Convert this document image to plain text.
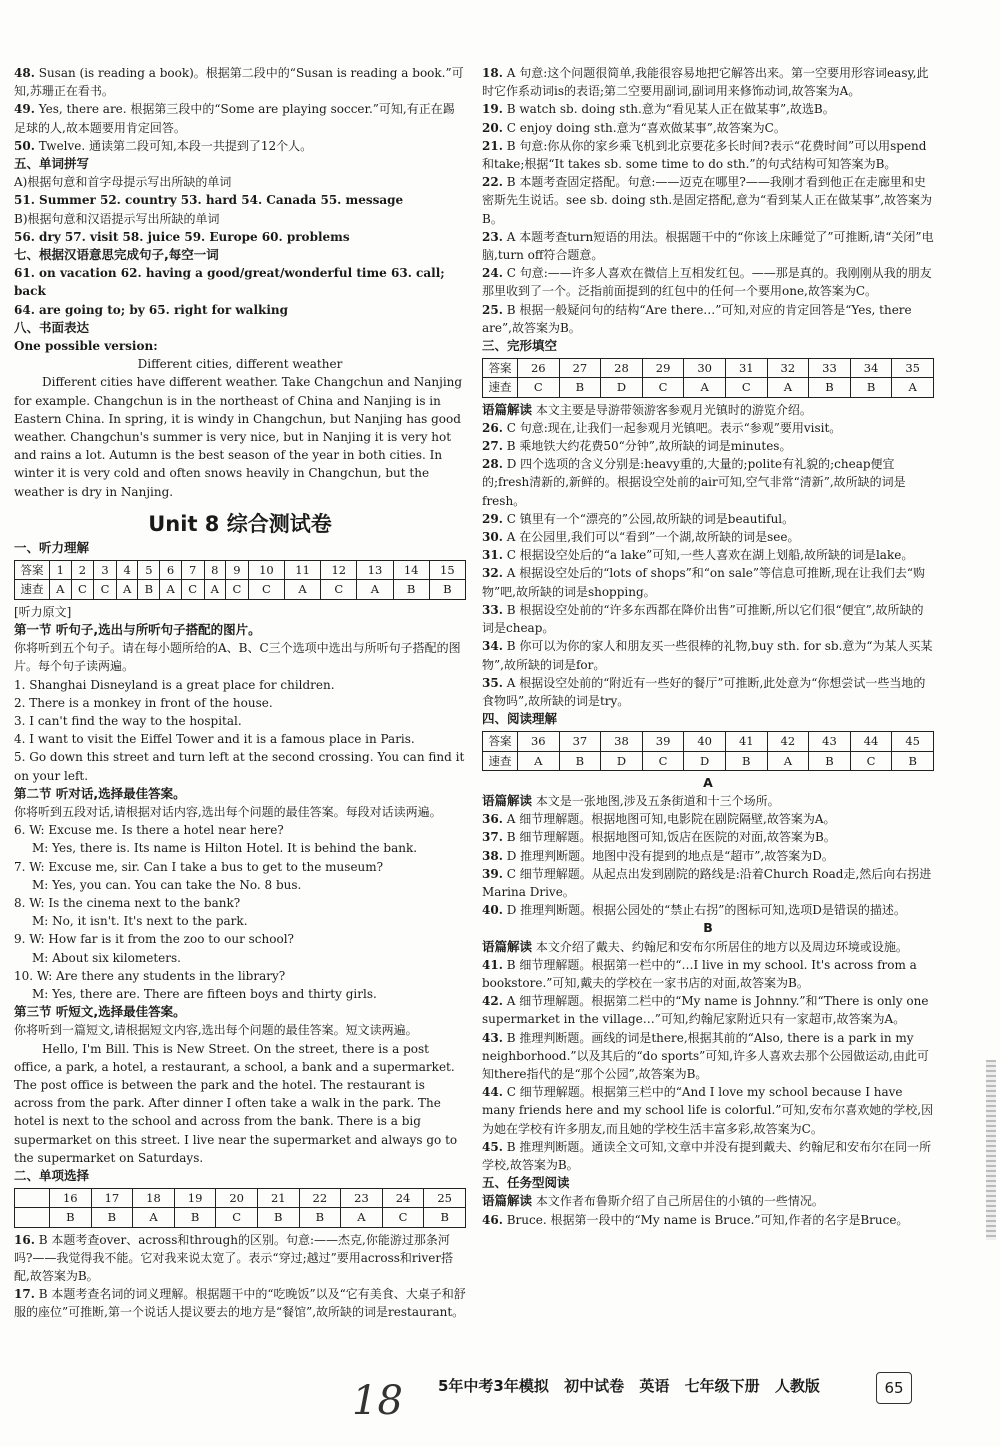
48. Susan (is reading a book)。根据第二段中的“Susan is reading a book.”可知,苏珊正在看书。

49. Yes, there are. 根据第三段中的“Some are playing soccer.”可知,有正在踢足球的人,故本题要用肯定回答。

50. Twelve. 通读第二段可知,本段一共提到了12个人。

五、单词拼写

A)根据句意和首字母提示写出所缺的单词

51. Summer 52. country 53. hard 54. Canada 55. message

B)根据句意和汉语提示写出所缺的单词

56. dry 57. visit 58. juice 59. Europe 60. problems

七、根据汉语意思完成句子,每空一词

61. on vacation 62. having a good/great/wonderful time 63. call; back

64. are going to; by 65. right for walking

八、书面表达

One possible version:

Different cities, different weather

Different cities have different weather. Take Changchun and Nanjing for example. Changchun is in the northeast of China and Nanjing is in Eastern China. In spring, it is windy in Changchun, but Nanjing has good weather. Changchun's summer is very nice, but in Nanjing it is very hot and rains a lot. Autumn is the best season of the year in both cities. In winter it is very cold and often snows heavily in Changchun, but the weather is dry in Nanjing.

Unit 8 综合测试卷

一、听力理解

答案	1	2	3	4	5	6	7	8	9	10	11	12	13	14	15
速查	A	C	C	A	B	A	C	A	C	C	A	C	A	B	B

[听力原文]

第一节 听句子,选出与所听句子搭配的图片。

你将听到五个句子。请在每小题所给的A、B、C三个选项中选出与所听句子搭配的图片。每个句子读两遍。

1. Shanghai Disneyland is a great place for children.

2. There is a monkey in front of the house.

3. I can't find the way to the hospital.

4. I want to visit the Eiffel Tower and it is a famous place in Paris.

5. Go down this street and turn left at the second crossing. You can find it on your left.

第二节 听对话,选择最佳答案。

你将听到五段对话,请根据对话内容,选出每个问题的最佳答案。每段对话读两遍。

6. W: Excuse me. Is there a hotel near here?

M: Yes, there is. Its name is Hilton Hotel. It is behind the bank.

7. W: Excuse me, sir. Can I take a bus to get to the museum?

M: Yes, you can. You can take the No. 8 bus.

8. W: Is the cinema next to the bank?

M: No, it isn't. It's next to the park.

9. W: How far is it from the zoo to our school?

M: About six kilometers.

10. W: Are there any students in the library?

M: Yes, there are. There are fifteen boys and thirty girls.

第三节 听短文,选择最佳答案。

你将听到一篇短文,请根据短文内容,选出每个问题的最佳答案。短文读两遍。

Hello, I'm Bill. This is New Street. On the street, there is a post office, a park, a hotel, a restaurant, a school, a bank and a supermarket. The post office is between the park and the hotel. The restaurant is across from the park. After dinner I often take a walk in the park. The hotel is next to the school and across from the bank. There is a big supermarket on this street. I live near the supermarket and always go to the supermarket on Saturdays.

二、单项选择

	16	17	18	19	20	21	22	23	24	25
	B	B	A	B	C	B	B	A	C	B

16. B 本题考查over、across和through的区别。句意:——杰克,你能游过那条河吗?——我觉得我不能。它对我来说太宽了。表示“穿过;越过”要用across和river搭配,故答案为B。

17. B 本题考查名词的词义理解。根据题干中的“吃晚饭”以及“它有美食、大桌子和舒服的座位”可推断,第一个说话人提议要去的地方是“餐馆”,故所缺的词是restaurant。

18. A 句意:这个问题很简单,我能很容易地把它解答出来。第一空要用形容词easy,此时它作系动词is的表语;第二空要用副词,副词用来修饰动词,故答案为A。

19. B watch sb. doing sth.意为“看见某人正在做某事”,故选B。

20. C enjoy doing sth.意为“喜欢做某事”,故答案为C。

21. B 句意:你从你的家乡乘飞机到北京要花多长时间?表示“花费时间”可以用spend和take;根据“It takes sb. some time to do sth.”的句式结构可知答案为B。

22. B 本题考查固定搭配。句意:——迈克在哪里?——我刚才看到他正在走廊里和史密斯先生说话。see sb. doing sth.是固定搭配,意为“看到某人正在做某事”,故答案为B。

23. A 本题考查turn短语的用法。根据题干中的“你该上床睡觉了”可推断,请“关闭”电脑,turn off符合题意。

24. C 句意:——许多人喜欢在微信上互相发红包。——那是真的。我刚刚从我的朋友那里收到了一个。泛指前面提到的红包中的任何一个要用one,故答案为C。

25. B 根据一般疑问句的结构“Are there…”可知,对应的肯定回答是“Yes, there are”,故答案为B。

三、完形填空

答案	26	27	28	29	30	31	32	33	34	35
速查	C	B	D	C	A	C	A	B	B	A

语篇解读 本文主要是导游带领游客参观月光镇时的游览介绍。

26. C 句意:现在,让我们一起参观月光镇吧。表示“参观”要用visit。

27. B 乘地铁大约花费50“分钟”,故所缺的词是minutes。

28. D 四个选项的含义分别是:heavy重的,大量的;polite有礼貌的;cheap便宜的;fresh清新的,新鲜的。根据设空处前的air可知,空气非常“清新”,故所缺的词是fresh。

29. C 镇里有一个“漂亮的”公园,故所缺的词是beautiful。

30. A 在公园里,我们可以“看到”一个湖,故所缺的词是see。

31. C 根据设空处后的“a lake”可知,一些人喜欢在湖上划船,故所缺的词是lake。

32. A 根据设空处后的“lots of shops”和“on sale”等信息可推断,现在让我们去“购物”吧,故所缺的词是shopping。

33. B 根据设空处前的“许多东西都在降价出售”可推断,所以它们很“便宜”,故所缺的词是cheap。

34. B 你可以为你的家人和朋友买一些很棒的礼物,buy sth. for sb.意为“为某人买某物”,故所缺的词是for。

35. A 根据设空处前的“附近有一些好的餐厅”可推断,此处意为“你想尝试一些当地的食物吗”,故所缺的词是try。

四、阅读理解

答案	36	37	38	39	40	41	42	43	44	45
速查	A	B	D	C	D	B	A	B	C	B

A

语篇解读 本文是一张地图,涉及五条街道和十三个场所。

36. A 细节理解题。根据地图可知,电影院在剧院隔壁,故答案为A。

37. B 细节理解题。根据地图可知,饭店在医院的对面,故答案为B。

38. D 推理判断题。地图中没有提到的地点是“超市”,故答案为D。

39. C 细节理解题。从起点出发到剧院的路线是:沿着Church Road走,然后向右拐进Marina Drive。

40. D 推理判断题。根据公园处的“禁止右拐”的图标可知,选项D是错误的描述。

B

语篇解读 本文介绍了戴夫、约翰尼和安布尔所居住的地方以及周边环境或设施。

41. B 细节理解题。根据第一栏中的“…I live in my school. It's across from a bookstore.”可知,戴夫的学校在一家书店的对面,故答案为B。

42. A 细节理解题。根据第二栏中的“My name is Johnny.”和“There is only one supermarket in the village…”可知,约翰尼家附近只有一家超市,故答案为A。

43. B 推理判断题。画线的词是there,根据其前的“Also, there is a park in my neighborhood.”以及其后的“do sports”可知,许多人喜欢去那个公园做运动,由此可知there指代的是“那个公园”,故答案为B。

44. C 细节理解题。根据第三栏中的“And I love my school because I have many friends here and my school life is colorful.”可知,安布尔喜欢她的学校,因为她在学校有许多朋友,而且她的学校生活丰富多彩,故答案为C。

45. B 推理判断题。通读全文可知,文章中并没有提到戴夫、约翰尼和安布尔在同一所学校,故答案为B。

五、任务型阅读

语篇解读 本文作者布鲁斯介绍了自己所居住的小镇的一些情况。

46. Bruce. 根据第一段中的“My name is Bruce.”可知,作者的名字是Bruce。

5年中考3年模拟 初中试卷 英语 七年级下册 人教版	65
18
